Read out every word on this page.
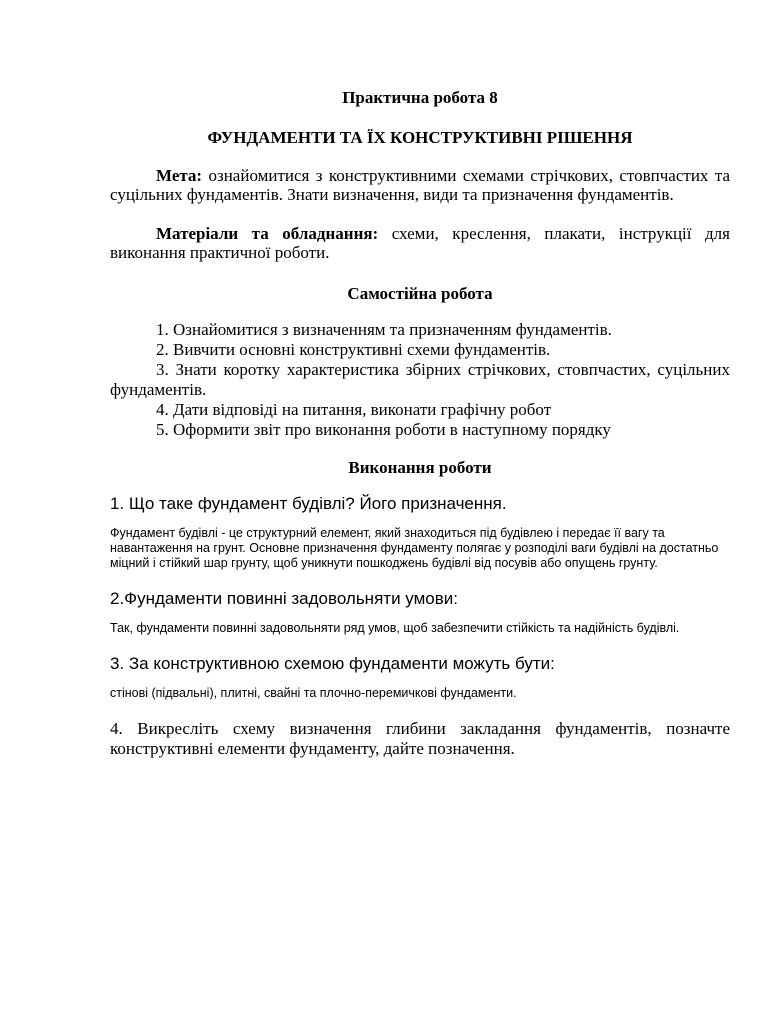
Практична робота 8
ФУНДАМЕНТИ ТА ЇХ КОНСТРУКТИВНІ РІШЕННЯ

Мета: ознайомитися з конструктивними схемами стрічкових, стовпчастих та суцільних фундаментів. Знати визначення, види та призначення фундаментів.

Матеріали та обладнання: схеми, креслення, плакати, інструкції для виконання практичної роботи.

Самостійна робота
1. Ознайомитися з визначенням та призначенням фундаментів.
2. Вивчити основні конструктивні схеми фундаментів.
3. Знати коротку характеристика збірних стрічкових, стовпчастих, суцільних фундаментів.
4. Дати відповіді на питання, виконати графічну робот
5. Оформити звіт про виконання роботи в наступному порядку
Виконання роботи
1. Що таке фундамент будівлі? Його призначення.
Фундамент будівлі - це структурний елемент, який знаходиться під будівлею і передає її вагу та навантаження на грунт. Основне призначення фундаменту полягає у розподілі ваги будівлі на достатньо міцний і стійкий шар грунту, щоб уникнути пошкоджень будівлі від посувів або опущень грунту.
2.Фундаменти повинні задовольняти умови:
Так, фундаменти повинні задовольняти ряд умов, щоб забезпечити стійкість та надійність будівлі.
3. За конструктивною схемою фундаменти можуть бути:
стінові (підвальні), плитні, свайні та плочно-перемичкові фундаменти.

4. Викресліть схему визначення глибини закладання фундаментів, позначте конструктивні елементи фундаменту, дайте позначення.
